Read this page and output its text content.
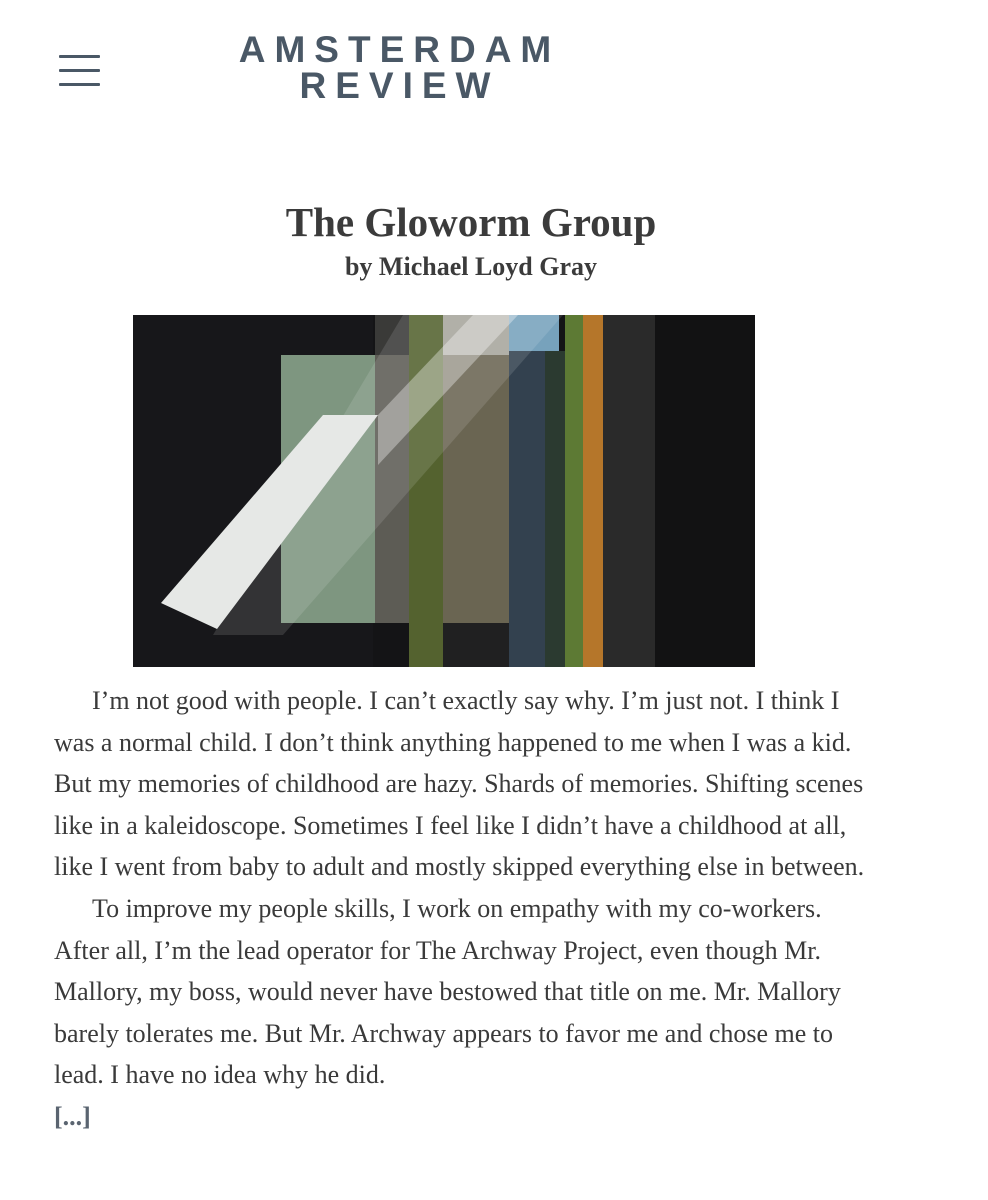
AMSTERDAM
REVIEW
The Gloworm Group
by Michael Loyd Gray

I’m not good with people. I can’t exactly say why. I’m just not. I think I was a normal child. I don’t think anything happened to me when I was a kid. But my memories of childhood are hazy. Shards of memories. Shifting scenes like in a kaleidoscope. Sometimes I feel like I didn’t have a childhood at all, like I went from baby to adult and mostly skipped everything else in between.

To improve my people skills, I work on empathy with my co-workers. After all, I’m the lead operator for The Archway Project, even though Mr. Mallory, my boss, would never have bestowed that title on me. Mr. Mallory barely tolerates me. But Mr. Archway appears to favor me and chose me to lead. I have no idea why he did.

[...]
